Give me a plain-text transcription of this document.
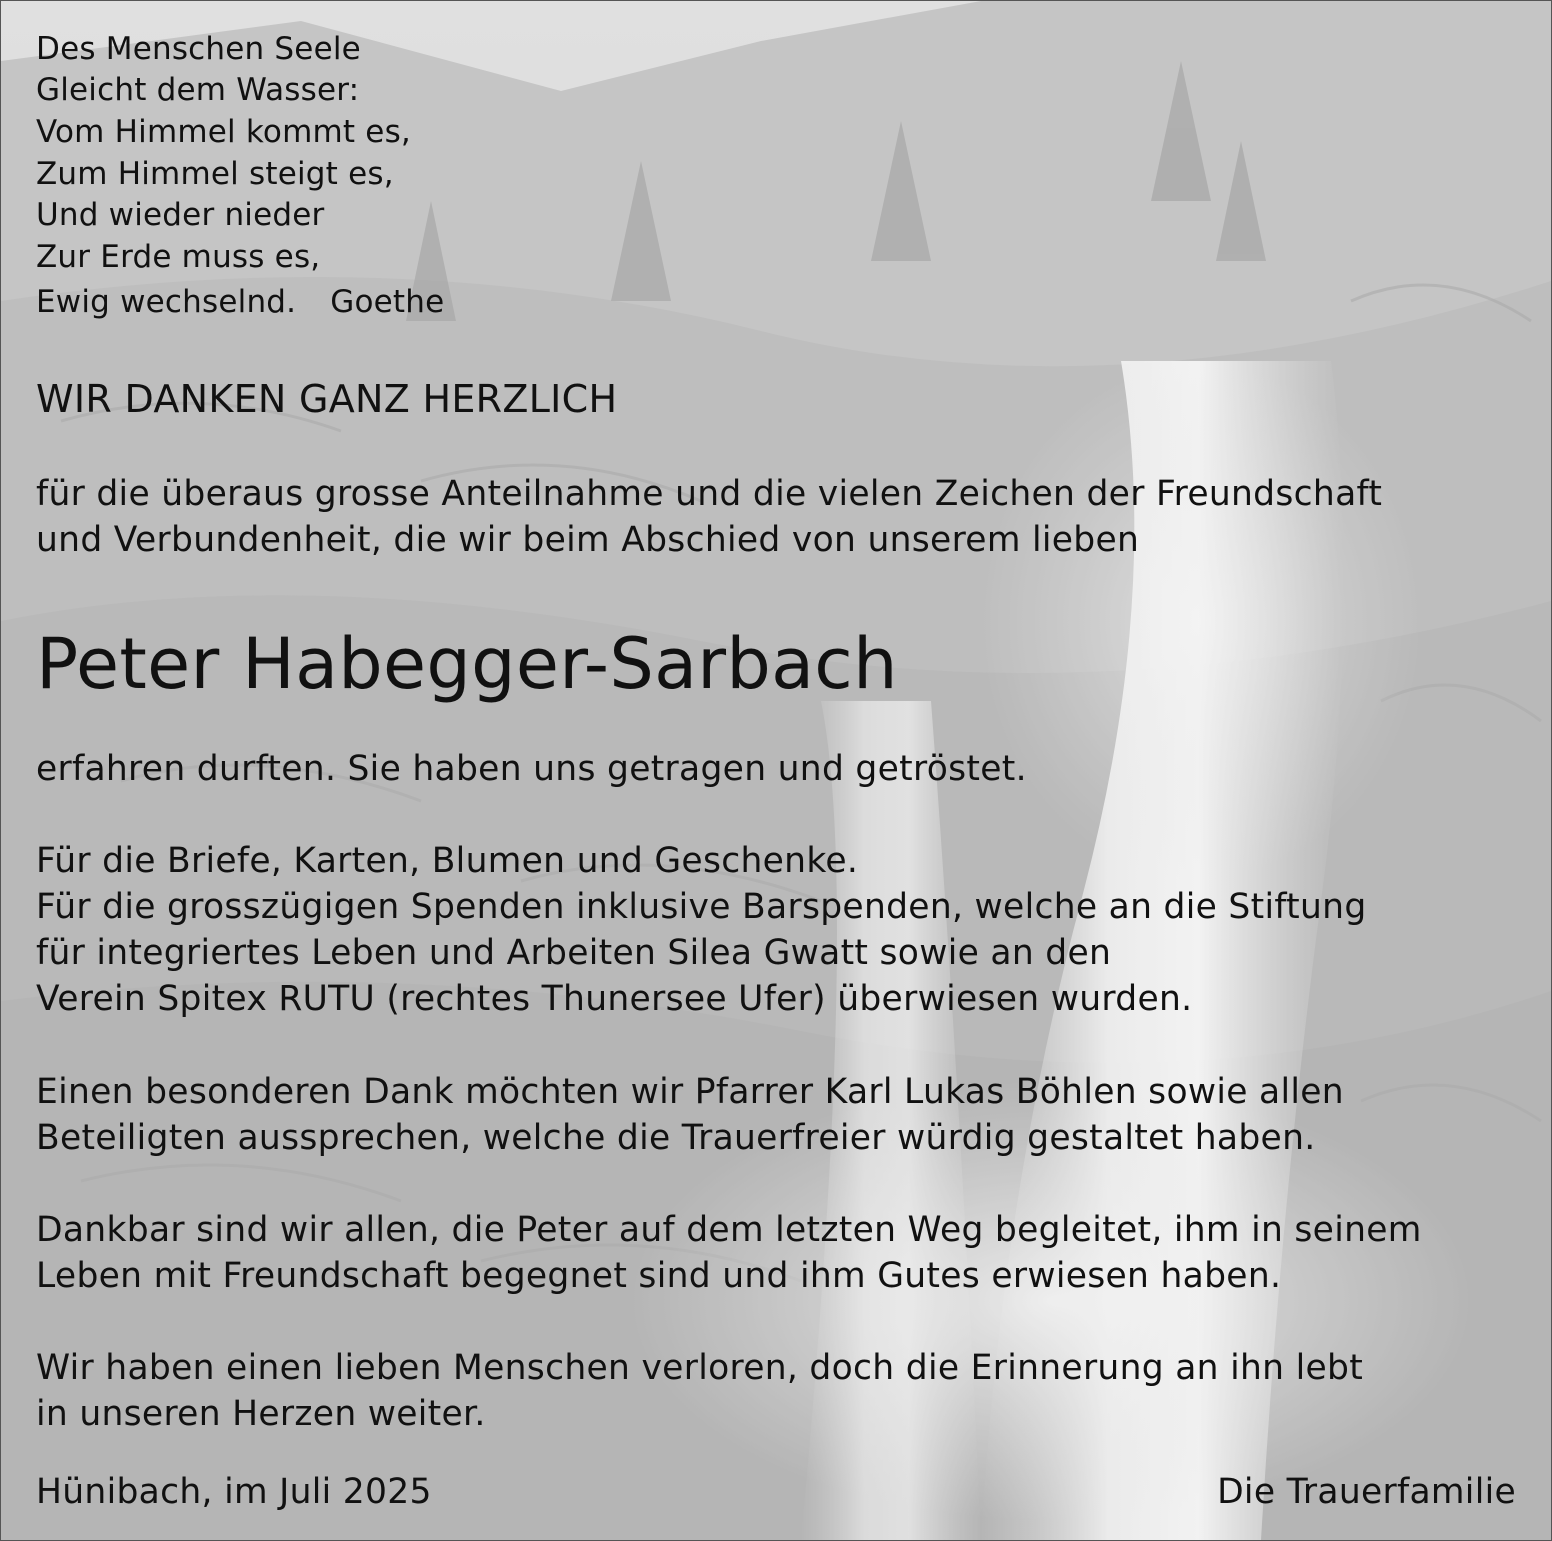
Des Menschen Seele

Gleicht dem Wasser:

Vom Himmel kommt es,

Zum Himmel steigt es,

Und wieder nieder

Zur Erde muss es,

Ewig wechselnd. Goethe

WIR DANKEN GANZ HERZLICH

für die überaus grosse Anteilnahme und die vielen Zeichen der Freundschaft

und Verbundenheit, die wir beim Abschied von unserem lieben

Peter Habegger-Sarbach

erfahren durften. Sie haben uns getragen und getröstet.

Für die Briefe, Karten, Blumen und Geschenke.

Für die grosszügigen Spenden inklusive Barspenden, welche an die Stiftung

für integriertes Leben und Arbeiten Silea Gwatt sowie an den

Verein Spitex RUTU (rechtes Thunersee Ufer) überwiesen wurden.

Einen besonderen Dank möchten wir Pfarrer Karl Lukas Böhlen sowie allen

Beteiligten aussprechen, welche die Trauerfreier würdig gestaltet haben.

Dankbar sind wir allen, die Peter auf dem letzten Weg begleitet, ihm in seinem

Leben mit Freundschaft begegnet sind und ihm Gutes erwiesen haben.

Wir haben einen lieben Menschen verloren, doch die Erinnerung an ihn lebt

in unseren Herzen weiter.

Hünibach, im Juli 2025	Die Trauerfamilie
